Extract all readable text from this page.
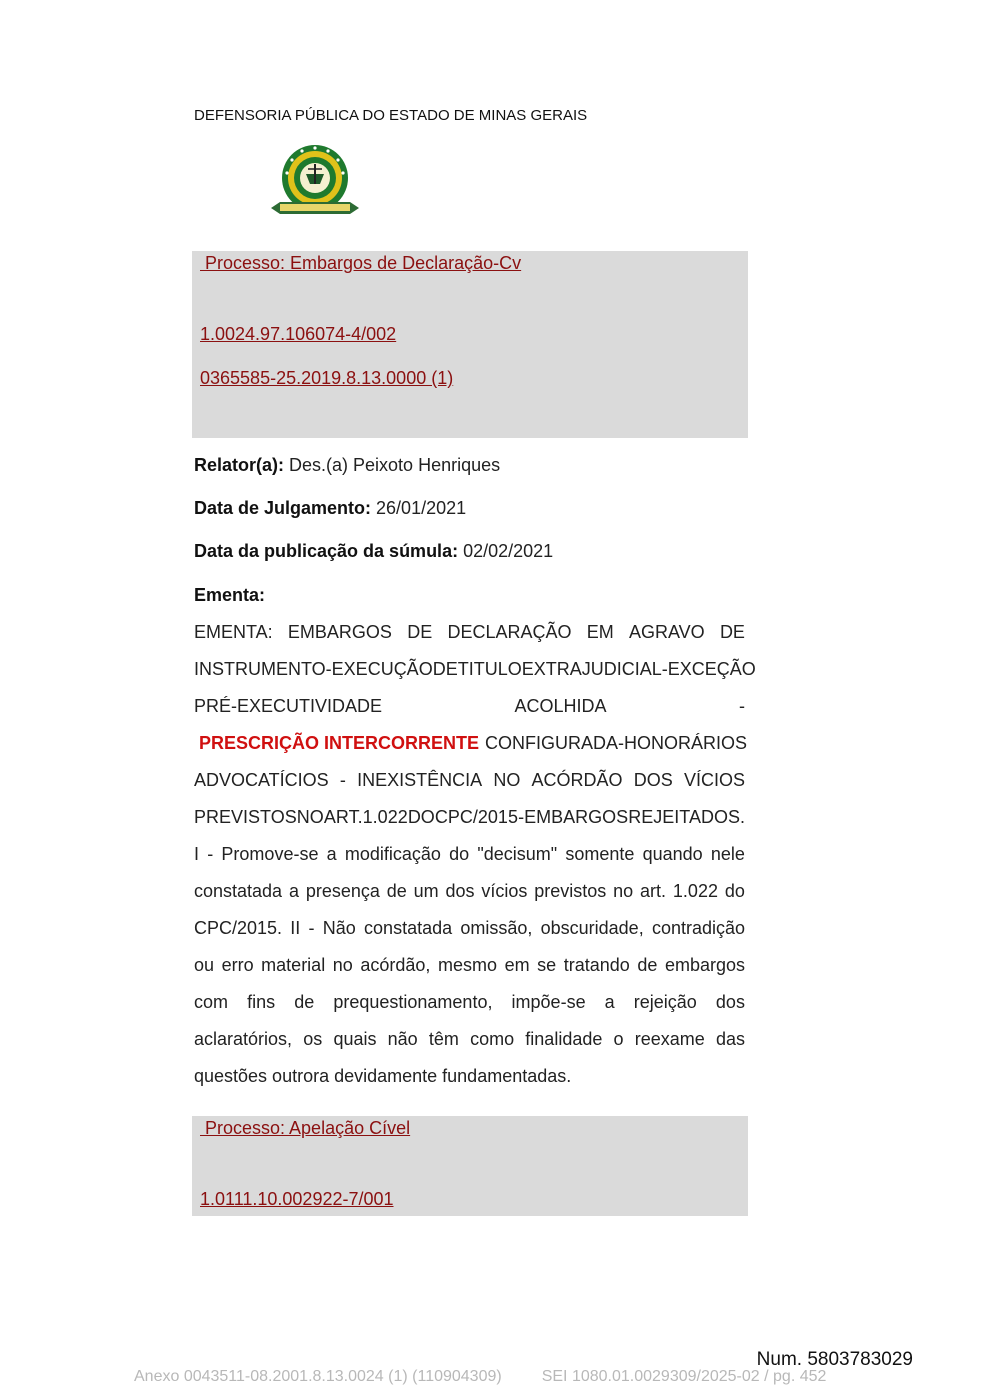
DEFENSORIA PÚBLICA DO ESTADO DE MINAS GERAIS
Processo: Embargos de Declaração-Cv
1.0024.97.106074-4/002
0365585-25.2019.8.13.0000 (1)
Relator(a): Des.(a) Peixoto Henriques
Data de Julgamento: 26/01/2021
Data da publicação da súmula: 02/02/2021
Ementa:
EMENTA: EMBARGOS DE DECLARAÇÃO EM AGRAVO DE
INSTRUMENTO - EXECUÇÃO DE TITULO EXTRAJUDICIAL - EXCEÇÃO
PRÉ-EXECUTIVIDADE	ACOLHIDA	-
PRESCRIÇÃO INTERCORRENTE CONFIGURADA - HONORÁRIOS
ADVOCATÍCIOS - INEXISTÊNCIA NO ACÓRDÃO DOS VÍCIOS
PREVISTOS NO ART. 1.022 DO CPC/2015 - EMBARGOS REJEITADOS.
I - Promove-se a modificação do "decisum" somente quando nele
constatada a presença de um dos vícios previstos no art. 1.022 do
CPC/2015. II - Não constatada omissão, obscuridade, contradição
ou erro material no acórdão, mesmo em se tratando de embargos
com fins de prequestionamento, impõe-se a rejeição dos
aclaratórios, os quais não têm como finalidade o reexame das
questões outrora devidamente fundamentadas.
Processo: Apelação Cível
1.0111.10.002922-7/001
Num. 5803783029
Anexo 0043511-08.2001.8.13.0024 (1) (110904309)         SEI 1080.01.0029309/2025-02 / pg. 452
